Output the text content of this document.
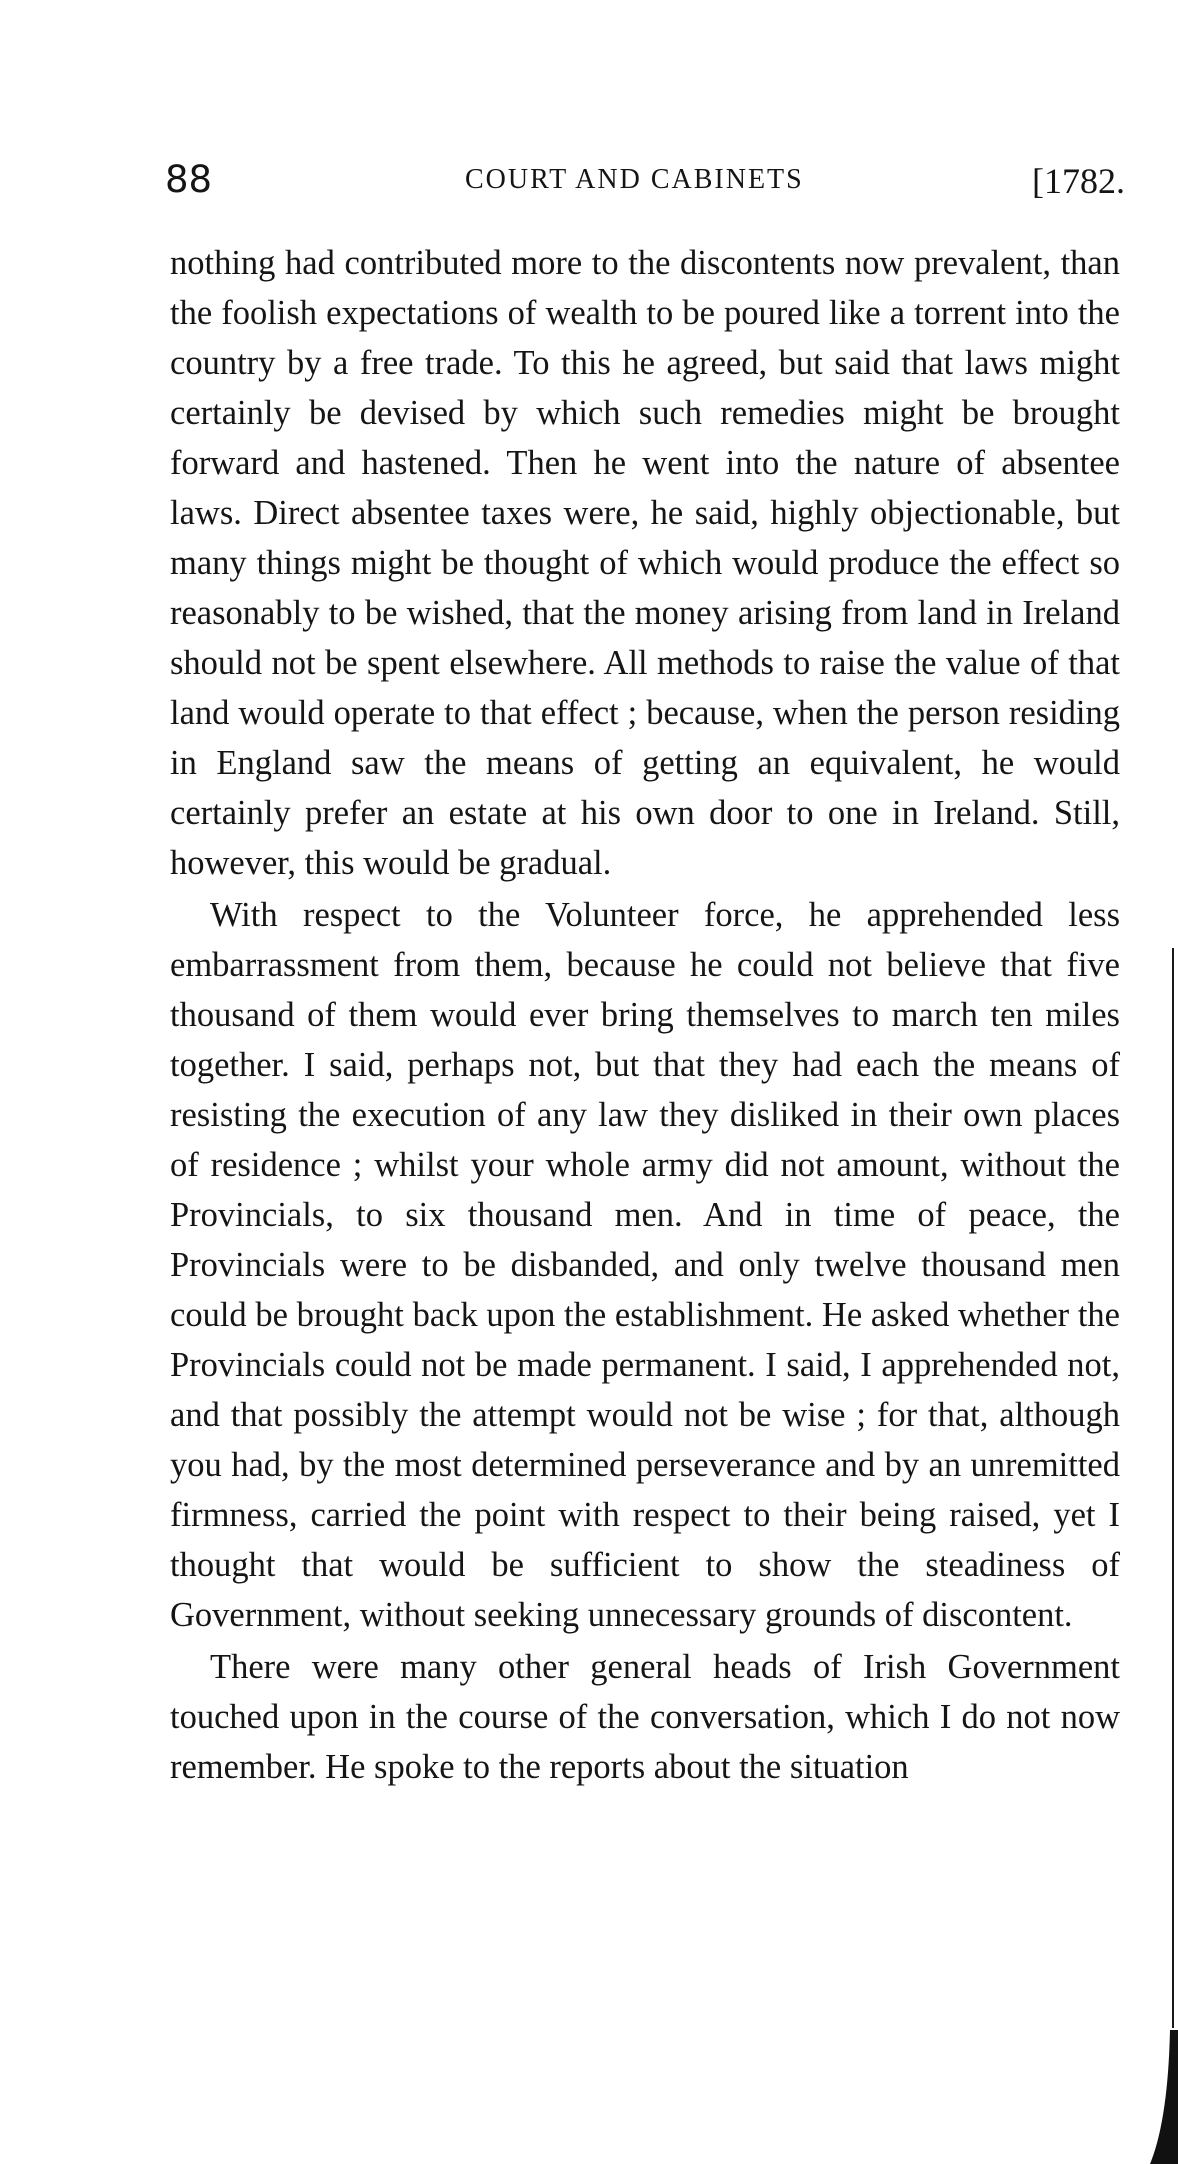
88	COURT AND CABINETS	[1782.

nothing had contributed more to the discontents now prevalent, than the foolish expectations of wealth to be poured like a torrent into the country by a free trade. To this he agreed, but said that laws might certainly be devised by which such remedies might be brought forward and hastened. Then he went into the nature of absentee laws. Direct absentee taxes were, he said, highly objectionable, but many things might be thought of which would produce the effect so reasonably to be wished, that the money arising from land in Ireland should not be spent elsewhere. All methods to raise the value of that land would operate to that effect ; because, when the person residing in England saw the means of getting an equivalent, he would certainly prefer an estate at his own door to one in Ireland. Still, however, this would be gradual.

With respect to the Volunteer force, he apprehended less embarrassment from them, because he could not believe that five thousand of them would ever bring themselves to march ten miles together. I said, perhaps not, but that they had each the means of resisting the execution of any law they disliked in their own places of residence ; whilst your whole army did not amount, without the Provincials, to six thousand men. And in time of peace, the Provincials were to be disbanded, and only twelve thousand men could be brought back upon the establishment. He asked whether the Provincials could not be made permanent. I said, I apprehended not, and that possibly the attempt would not be wise ; for that, although you had, by the most determined perseverance and by an unremitted firmness, carried the point with respect to their being raised, yet I thought that would be sufficient to show the steadiness of Government, without seeking unnecessary grounds of discontent.

There were many other general heads of Irish Government touched upon in the course of the conversation, which I do not now remember. He spoke to the reports about the situation
